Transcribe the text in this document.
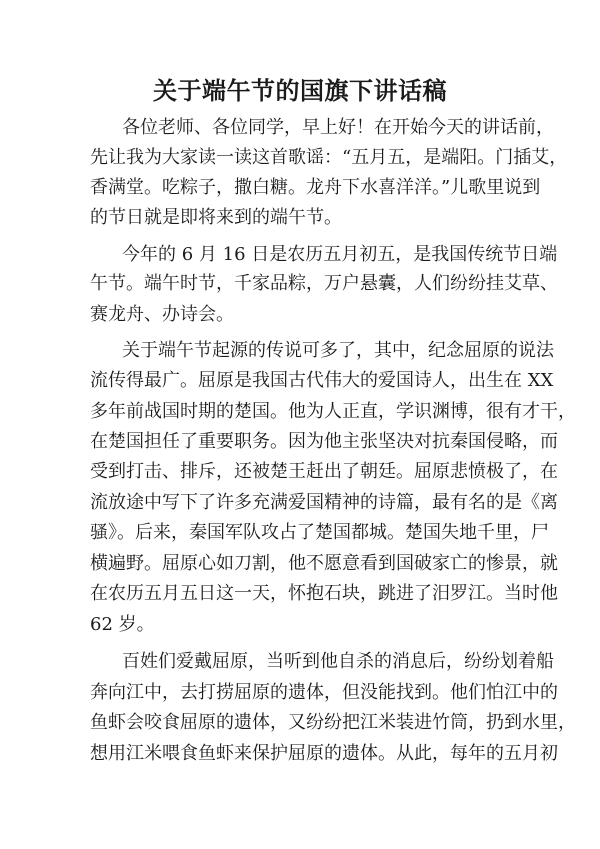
关于端午节的国旗下讲话稿

各位老师、各位同学，早上好！在开始今天的讲话前，

先让我为大家读一读这首歌谣：“五月五，是端阳。门插艾，

香满堂。吃粽子，撒白糖。龙舟下水喜洋洋。”儿歌里说到

的节日就是即将来到的端午节。

今年的 6 月 16 日是农历五月初五，是我国传统节日端

午节。端午时节，千家品粽，万户悬囊，人们纷纷挂艾草、

赛龙舟、办诗会。

关于端午节起源的传说可多了，其中，纪念屈原的说法

流传得最广。屈原是我国古代伟大的爱国诗人，出生在 XX

多年前战国时期的楚国。他为人正直，学识渊博，很有才干，

在楚国担任了重要职务。因为他主张坚决对抗秦国侵略，而

受到打击、排斥，还被楚王赶出了朝廷。屈原悲愤极了，在

流放途中写下了许多充满爱国精神的诗篇，最有名的是《离

骚》。后来，秦国军队攻占了楚国都城。楚国失地千里，尸

横遍野。屈原心如刀割，他不愿意看到国破家亡的惨景，就

在农历五月五日这一天，怀抱石块，跳进了汨罗江。当时他

62 岁。

百姓们爱戴屈原，当听到他自杀的消息后，纷纷划着船

奔向江中，去打捞屈原的遗体，但没能找到。他们怕江中的

鱼虾会咬食屈原的遗体，又纷纷把江米装进竹筒，扔到水里，

想用江米喂食鱼虾来保护屈原的遗体。从此，每年的五月初
